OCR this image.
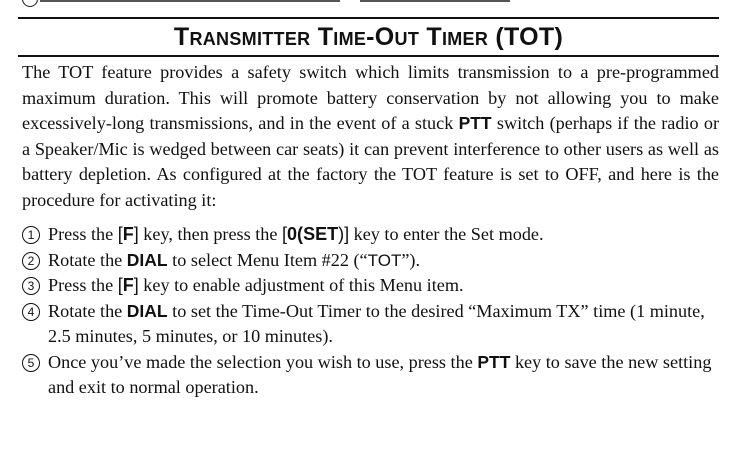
Transmitter Time-Out Timer (TOT)

The TOT feature provides a safety switch which limits transmission to a pre-programmed maximum duration. This will promote battery conservation by not allowing you to make excessively-long transmissions, and in the event of a stuck PTT switch (perhaps if the radio or a Speaker/Mic is wedged between car seats) it can prevent interference to other users as well as battery depletion. As configured at the factory the TOT feature is set to OFF, and here is the procedure for activating it:

1 Press the [F] key, then press the [0(SET)] key to enter the Set mode.
2 Rotate the DIAL to select Menu Item #22 (“TOT”).
3 Press the [F] key to enable adjustment of this Menu item.
4 Rotate the DIAL to set the Time-Out Timer to the desired “Maximum TX” time (1 minute, 2.5 minutes, 5 minutes, or 10 minutes).
5 Once you’ve made the selection you wish to use, press the PTT key to save the new setting and exit to normal operation.
